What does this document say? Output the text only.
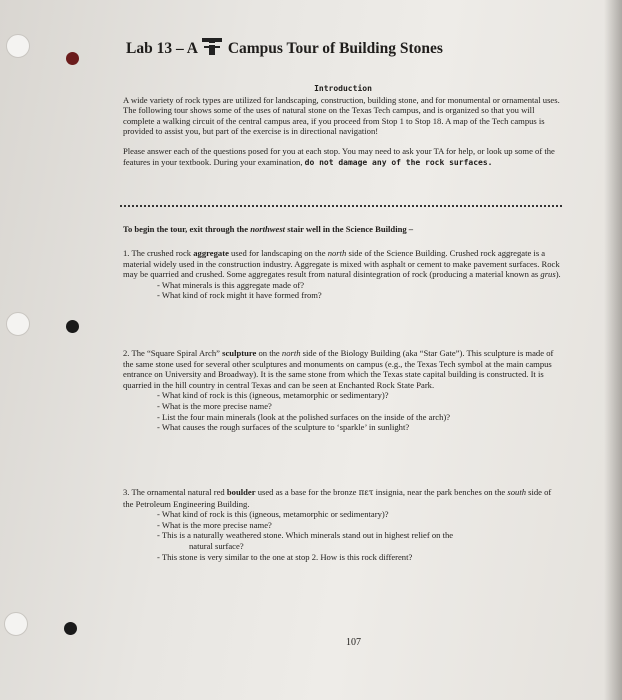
Lab 13 – A Campus Tour of Building Stones
Introduction

A wide variety of rock types are utilized for landscaping, construction, building stone, and for monumental or ornamental uses. The following tour shows some of the uses of natural stone on the Texas Tech campus, and is organized so that you will complete a walking circuit of the central campus area, if you proceed from Stop 1 to Stop 18. A map of the Tech campus is provided to assist you, but part of the exercise is in directional navigation!

Please answer each of the questions posed for you at each stop. You may need to ask your TA for help, or look up some of the features in your textbook. During your examination, do not damage any of the rock surfaces.

To begin the tour, exit through the northwest stair well in the Science Building –

1. The crushed rock aggregate used for landscaping on the north side of the Science Building. Crushed rock aggregate is a material widely used in the construction industry. Aggregate is mixed with asphalt or cement to make pavement surfaces. Rock may be quarried and crushed. Some aggregates result from natural disintegration of rock (producing a material known as grus).

- What minerals is this aggregate made of?
- What kind of rock might it have formed from?

2. The “Square Spiral Arch” sculpture on the north side of the Biology Building (aka “Star Gate”). This sculpture is made of the same stone used for several other sculptures and monuments on campus (e.g., the Texas Tech symbol at the main campus entrance on University and Broadway). It is the same stone from which the Texas state capital building is constructed. It is quarried in the hill country in central Texas and can be seen at Enchanted Rock State Park.

- What kind of rock is this (igneous, metamorphic or sedimentary)?
- What is the more precise name?
- List the four main minerals (look at the polished surfaces on the inside of the arch)?
- What causes the rough surfaces of the sculpture to ‘sparkle’ in sunlight?

3. The ornamental natural red boulder used as a base for the bronze πετ insignia, near the park benches on the south side of the Petroleum Engineering Building.

- What kind of rock is this (igneous, metamorphic or sedimentary)?
- What is the more precise name?
- This is a naturally weathered stone. Which minerals stand out in highest relief on the
natural surface?
- This stone is very similar to the one at stop 2. How is this rock different?
107
